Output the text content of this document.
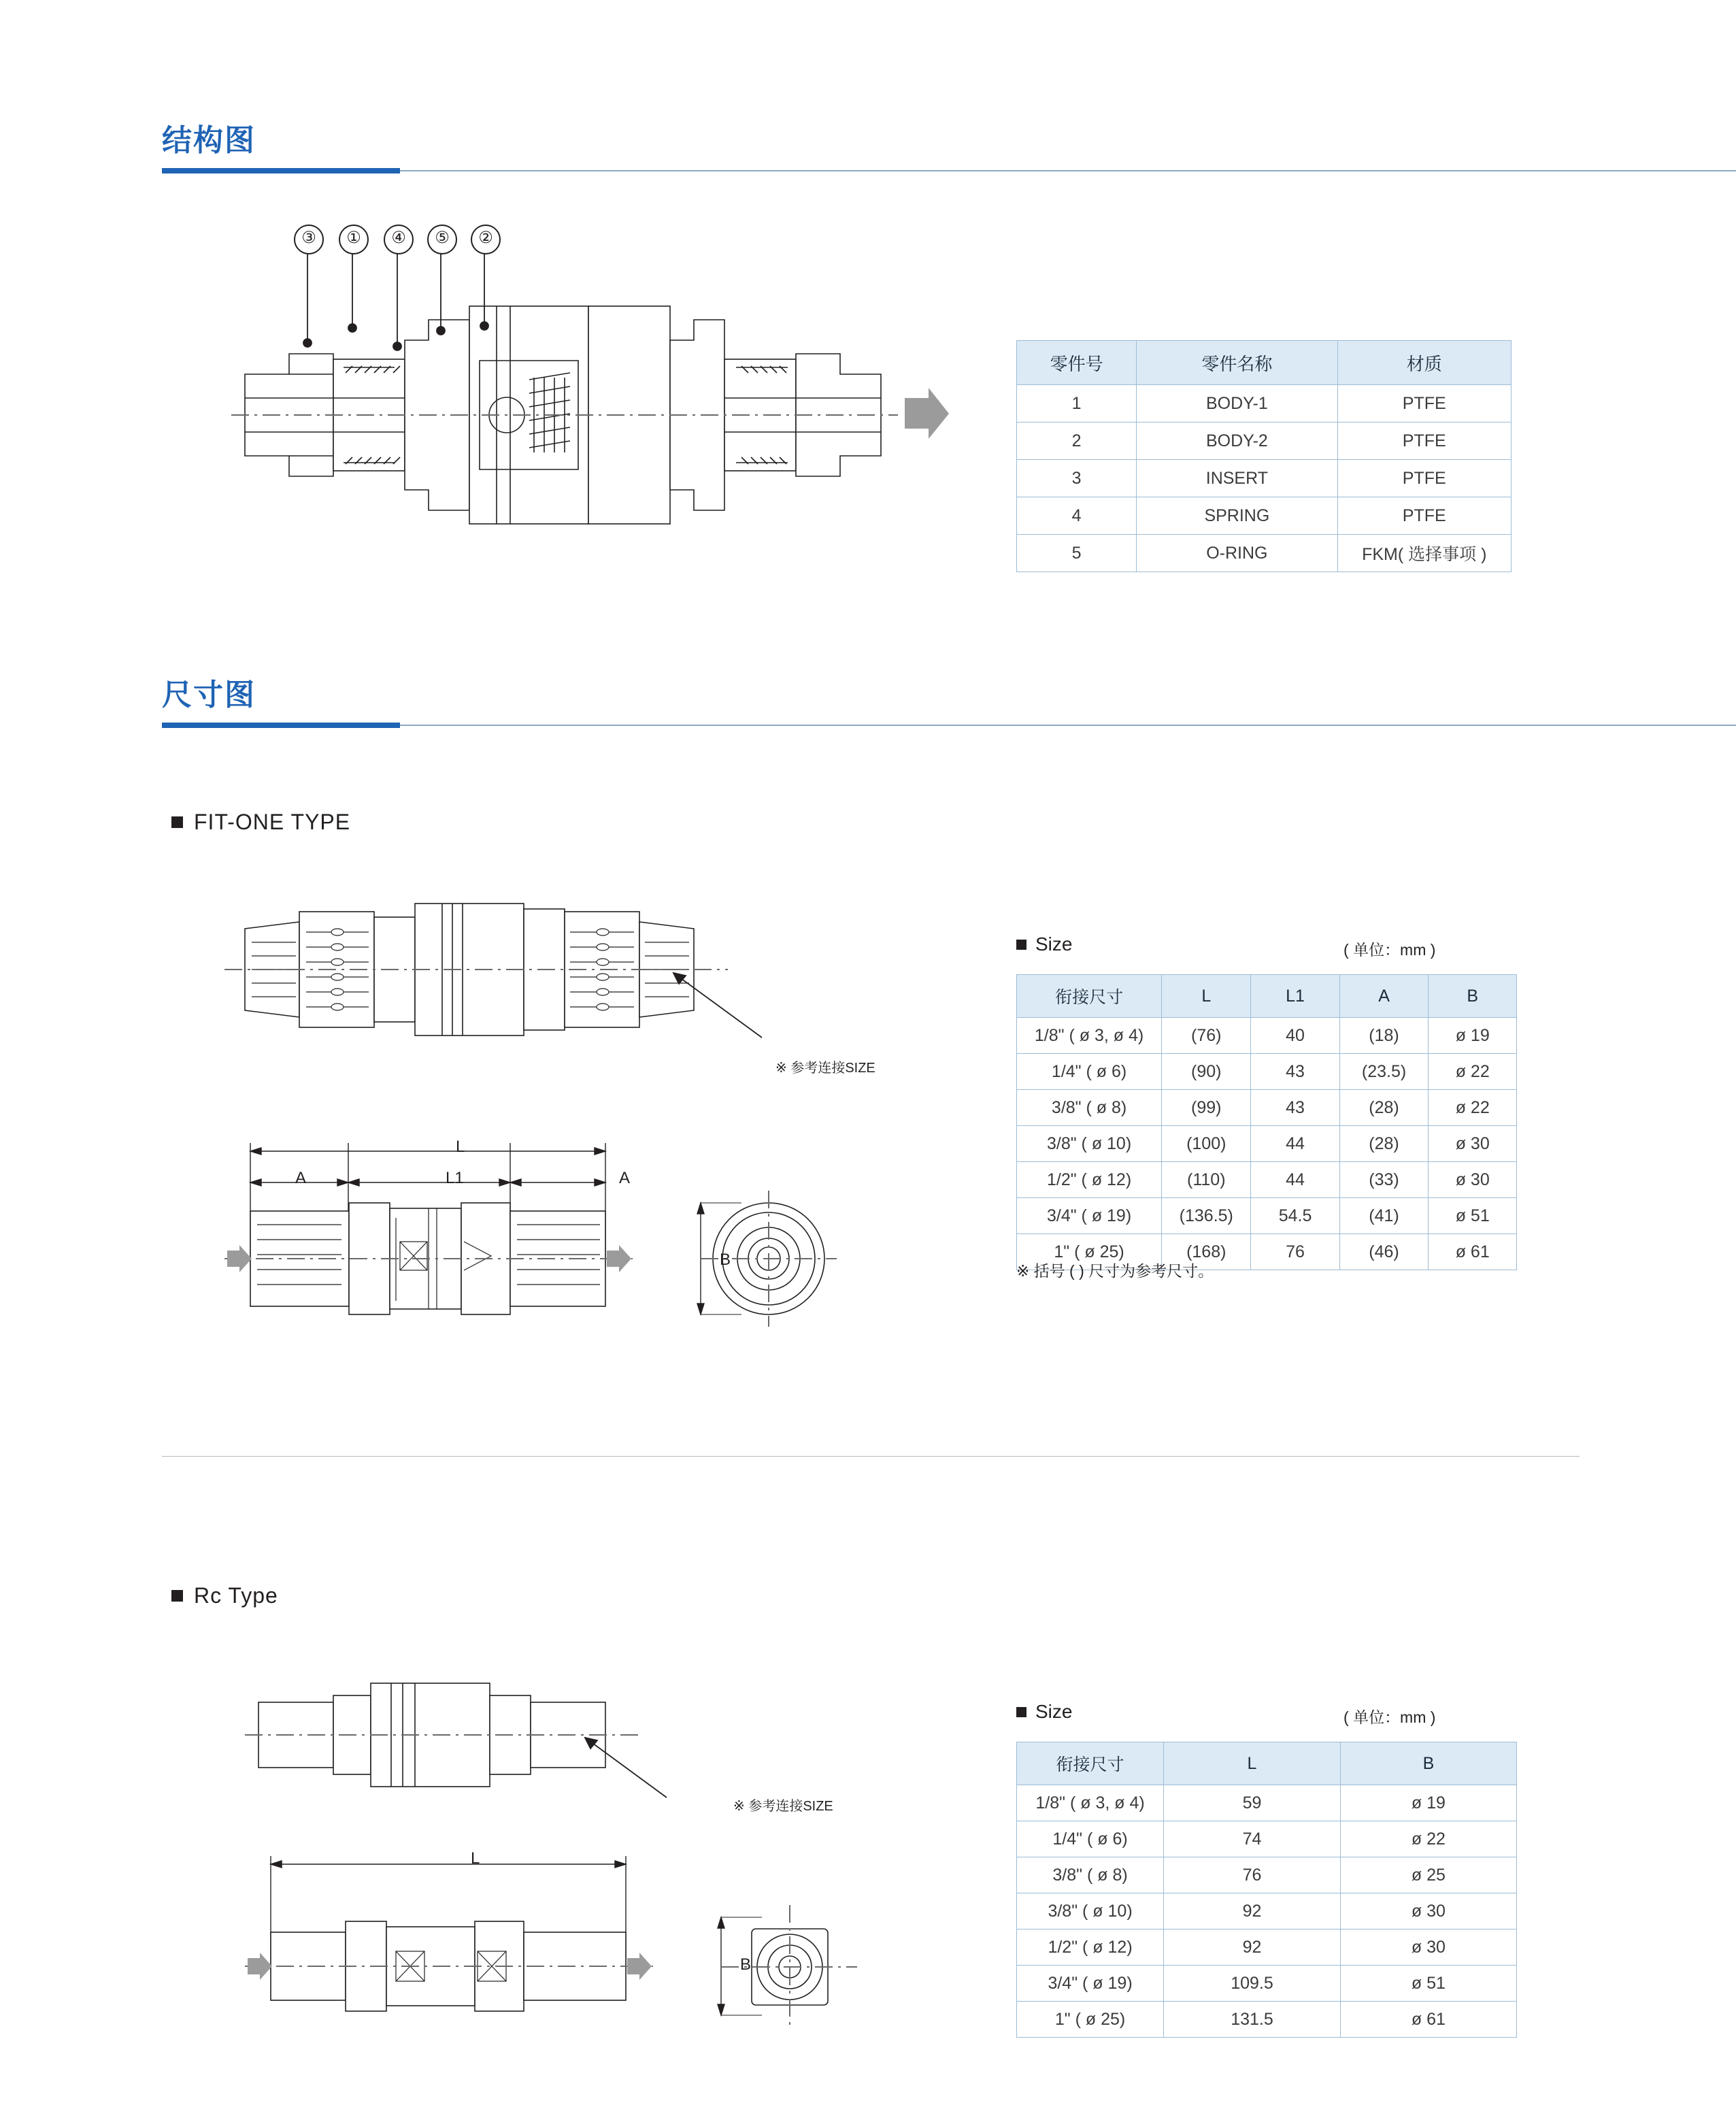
结构图
③	①	④	⑤	②
零件号	零件名称	材质
1	BODY-1	PTFE
2	BODY-2	PTFE
3	INSERT	PTFE
4	SPRING	PTFE
5	O-RING	FKM( 选择事项 )
尺寸图
FIT-ONE TYPE
※ 参考连接SIZE
L
L1
A	A
B
Size	( 单位：mm )
衔接尺寸	L	L1	A	B
1/8" ( ø 3, ø 4)	(76)	40	(18)	ø 19
1/4" ( ø 6)	(90)	43	(23.5)	ø 22
3/8" ( ø 8)	(99)	43	(28)	ø 22
3/8" ( ø 10)	(100)	44	(28)	ø 30
1/2" ( ø 12)	(110)	44	(33)	ø 30
3/4" ( ø 19)	(136.5)	54.5	(41)	ø 51
1" ( ø 25)	(168)	76	(46)	ø 61
※ 括号 ( ) 尺寸为参考尺寸。
Rc Type
※ 参考连接SIZE
L
B
Size	( 单位：mm )
衔接尺寸	L	B
1/8" ( ø 3, ø 4)	59	ø 19
1/4" ( ø 6)	74	ø 22
3/8" ( ø 8)	76	ø 25
3/8" ( ø 10)	92	ø 30
1/2" ( ø 12)	92	ø 30
3/4" ( ø 19)	109.5	ø 51
1" ( ø 25)	131.5	ø 61
